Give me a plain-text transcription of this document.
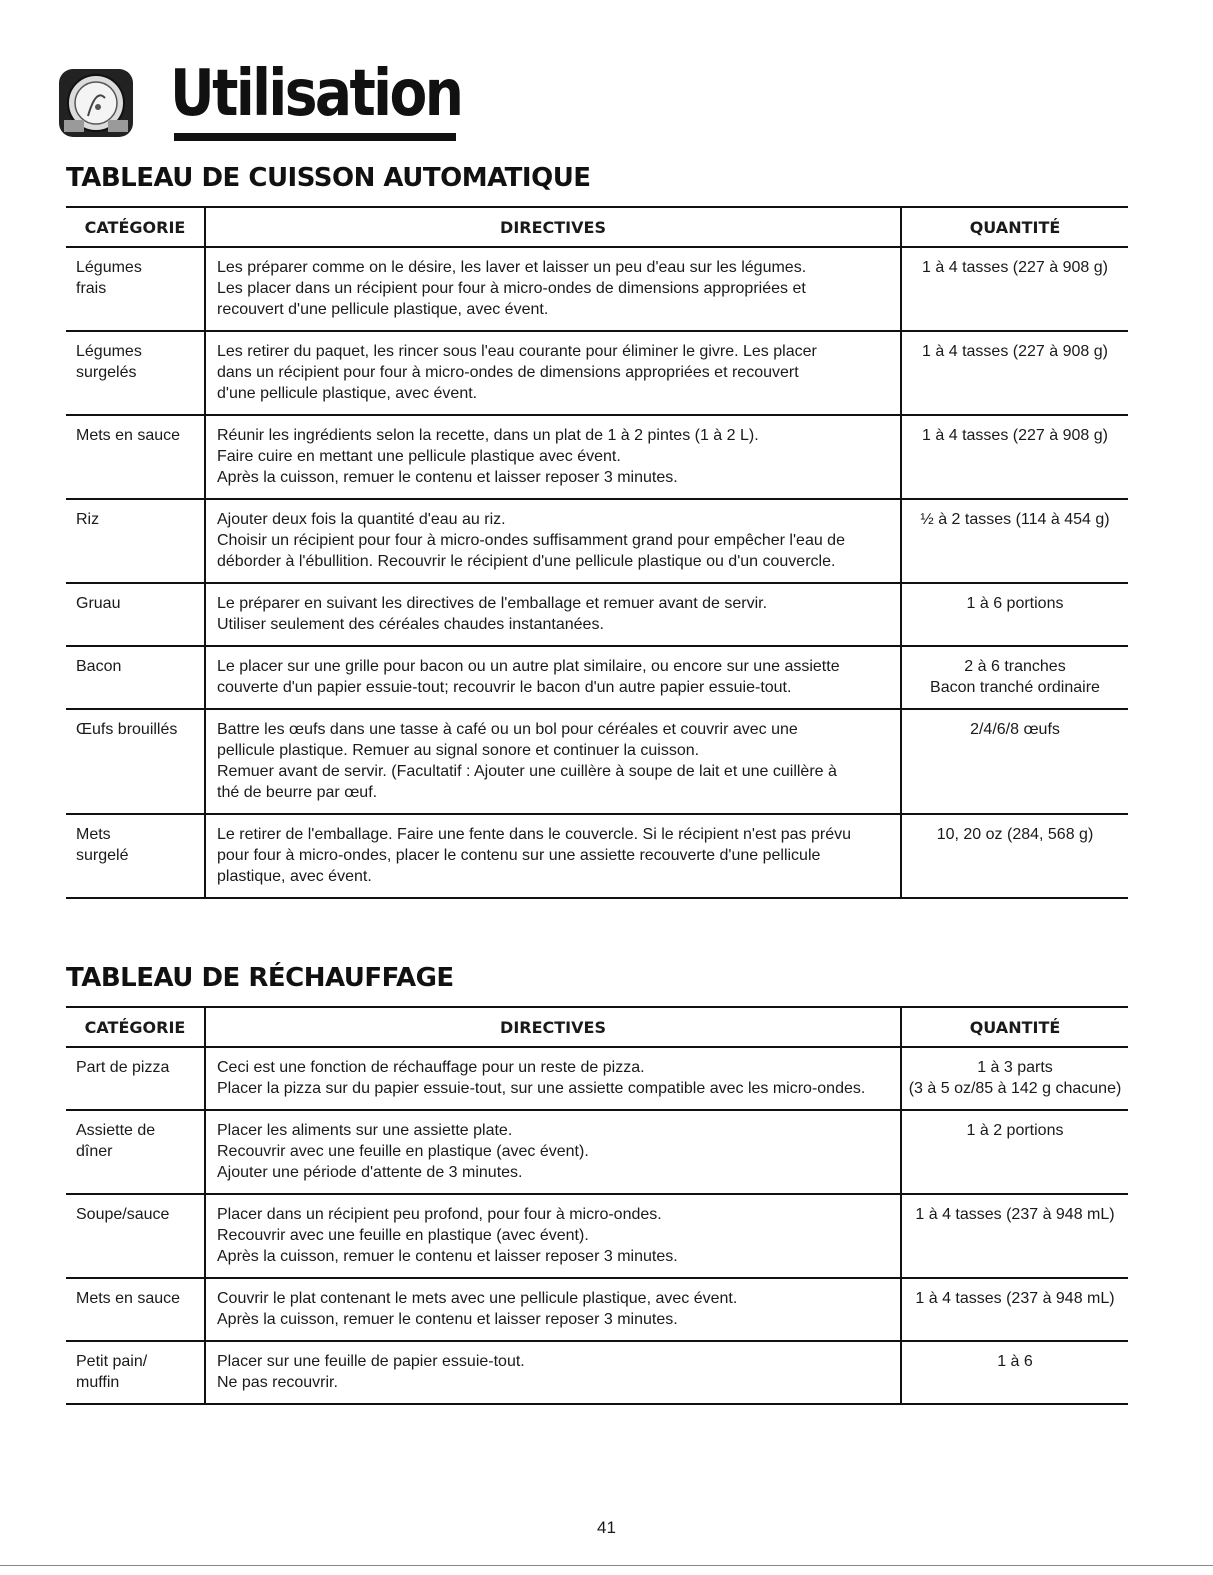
Utilisation
TABLEAU DE CUISSON AUTOMATIQUE
CATÉGORIE	DIRECTIVES	QUANTITÉ

Légumes
frais	Les préparer comme on le désire, les laver et laisser un peu d'eau sur les légumes.
Les placer dans un récipient pour four à micro-ondes de dimensions appropriées et
recouvert d'une pellicule plastique, avec évent.	1 à 4 tasses (227 à 908 g)

Légumes
surgelés	Les retirer du paquet, les rincer sous l'eau courante pour éliminer le givre. Les placer
dans un récipient pour four à micro-ondes de dimensions appropriées et recouvert
d'une pellicule plastique, avec évent.	1 à 4 tasses (227 à 908 g)

Mets en sauce	Réunir les ingrédients selon la recette, dans un plat de 1 à 2 pintes (1 à 2 L).
Faire cuire en mettant une pellicule plastique avec évent.
Après la cuisson, remuer le contenu et laisser reposer 3 minutes.	1 à 4 tasses (227 à 908 g)

Riz	Ajouter deux fois la quantité d'eau au riz.
Choisir un récipient pour four à micro-ondes suffisamment grand pour empêcher l'eau de
déborder à l'ébullition. Recouvrir le récipient d'une pellicule plastique ou d'un couvercle.	½ à 2 tasses (114 à 454 g)

Gruau	Le préparer en suivant les directives de l'emballage et remuer avant de servir.
Utiliser seulement des céréales chaudes instantanées.	1 à 6 portions

Bacon	Le placer sur une grille pour bacon ou un autre plat similaire, ou encore sur une assiette
couverte d'un papier essuie-tout; recouvrir le bacon d'un autre papier essuie-tout.	2 à 6 tranches
Bacon tranché ordinaire

Œufs brouillés	Battre les œufs dans une tasse à café ou un bol pour céréales et couvrir avec une
pellicule plastique. Remuer au signal sonore et continuer la cuisson.
Remuer avant de servir. (Facultatif : Ajouter une cuillère à soupe de lait et une cuillère à
thé de beurre par œuf.	2/4/6/8 œufs

Mets
surgelé	Le retirer de l'emballage. Faire une fente dans le couvercle. Si le récipient n'est pas prévu
pour four à micro-ondes, placer le contenu sur une assiette recouverte d'une pellicule
plastique, avec évent.	10, 20 oz (284, 568 g)
TABLEAU DE RÉCHAUFFAGE
CATÉGORIE	DIRECTIVES	QUANTITÉ

Part de pizza	Ceci est une fonction de réchauffage pour un reste de pizza.
Placer la pizza sur du papier essuie-tout, sur une assiette compatible avec les micro-ondes.	1 à 3 parts
(3 à 5 oz/85 à 142 g chacune)

Assiette de
dîner	Placer les aliments sur une assiette plate.
Recouvrir avec une feuille en plastique (avec évent).
Ajouter une période d'attente de 3 minutes.	1 à 2 portions

Soupe/sauce	Placer dans un récipient peu profond, pour four à micro-ondes.
Recouvrir avec une feuille en plastique (avec évent).
Après la cuisson, remuer le contenu et laisser reposer 3 minutes.	1 à 4 tasses (237 à 948 mL)

Mets en sauce	Couvrir le plat contenant le mets avec une pellicule plastique, avec évent.
Après la cuisson, remuer le contenu et laisser reposer 3 minutes.	1 à 4 tasses (237 à 948 mL)

Petit pain/
muffin	Placer sur une feuille de papier essuie-tout.
Ne pas recouvrir.	1 à 6
41
